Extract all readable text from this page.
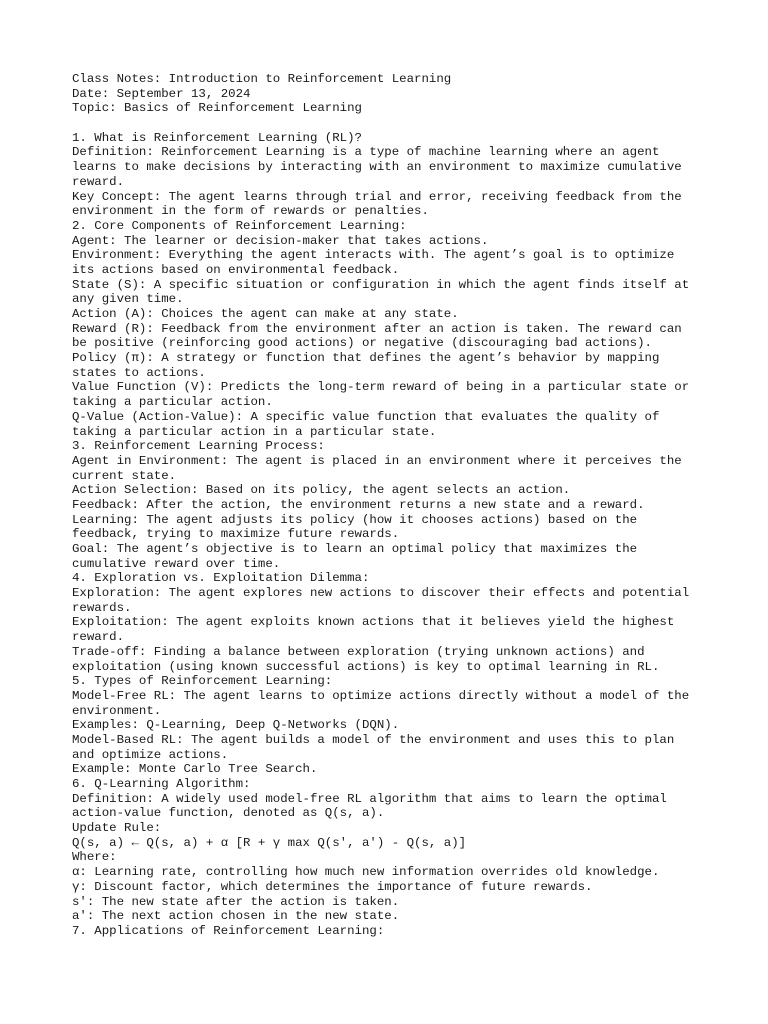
Class Notes: Introduction to Reinforcement Learning
Date: September 13, 2024
Topic: Basics of Reinforcement Learning
1. What is Reinforcement Learning (RL)?
Definition: Reinforcement Learning is a type of machine learning where an agent
learns to make decisions by interacting with an environment to maximize cumulative
reward.
Key Concept: The agent learns through trial and error, receiving feedback from the
environment in the form of rewards or penalties.
2. Core Components of Reinforcement Learning:
Agent: The learner or decision-maker that takes actions.
Environment: Everything the agent interacts with. The agent’s goal is to optimize
its actions based on environmental feedback.
State (S): A specific situation or configuration in which the agent finds itself at
any given time.
Action (A): Choices the agent can make at any state.
Reward (R): Feedback from the environment after an action is taken. The reward can
be positive (reinforcing good actions) or negative (discouraging bad actions).
Policy (π): A strategy or function that defines the agent’s behavior by mapping
states to actions.
Value Function (V): Predicts the long-term reward of being in a particular state or
taking a particular action.
Q-Value (Action-Value): A specific value function that evaluates the quality of
taking a particular action in a particular state.
3. Reinforcement Learning Process:
Agent in Environment: The agent is placed in an environment where it perceives the
current state.
Action Selection: Based on its policy, the agent selects an action.
Feedback: After the action, the environment returns a new state and a reward.
Learning: The agent adjusts its policy (how it chooses actions) based on the
feedback, trying to maximize future rewards.
Goal: The agent’s objective is to learn an optimal policy that maximizes the
cumulative reward over time.
4. Exploration vs. Exploitation Dilemma:
Exploration: The agent explores new actions to discover their effects and potential
rewards.
Exploitation: The agent exploits known actions that it believes yield the highest
reward.
Trade-off: Finding a balance between exploration (trying unknown actions) and
exploitation (using known successful actions) is key to optimal learning in RL.
5. Types of Reinforcement Learning:
Model-Free RL: The agent learns to optimize actions directly without a model of the
environment.
Examples: Q-Learning, Deep Q-Networks (DQN).
Model-Based RL: The agent builds a model of the environment and uses this to plan
and optimize actions.
Example: Monte Carlo Tree Search.
6. Q-Learning Algorithm:
Definition: A widely used model-free RL algorithm that aims to learn the optimal
action-value function, denoted as Q(s, a).
Update Rule:
Q(s, a) ← Q(s, a) + α [R + γ max Q(s', a') - Q(s, a)]
Where:
α: Learning rate, controlling how much new information overrides old knowledge.
γ: Discount factor, which determines the importance of future rewards.
s': The new state after the action is taken.
a': The next action chosen in the new state.
7. Applications of Reinforcement Learning:
